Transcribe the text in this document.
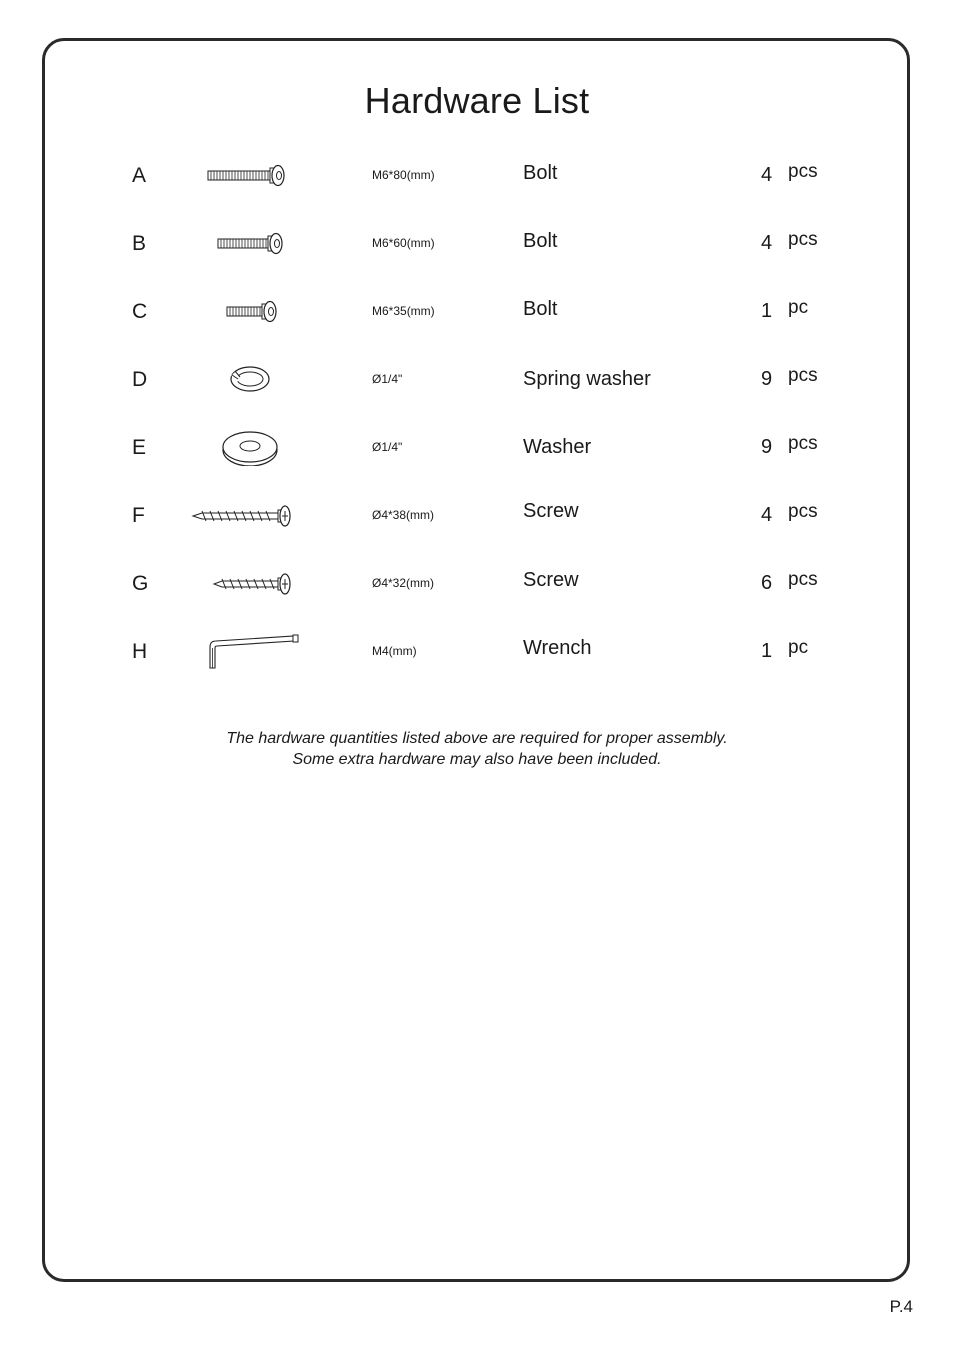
Hardware List
A	M6*80(mm)	Bolt	4 pcs
B	M6*60(mm)	Bolt	4 pcs
C	M6*35(mm)	Bolt	1 pc
D	Ø1/4"	Spring washer	9 pcs
E	Ø1/4"	Washer	9 pcs
F	Ø4*38(mm)	Screw	4 pcs
G	Ø4*32(mm)	Screw	6 pcs
H	M4(mm)	Wrench	1 pc
The hardware quantities listed above are required for proper assembly.
Some extra hardware may also have been included.
P.4
